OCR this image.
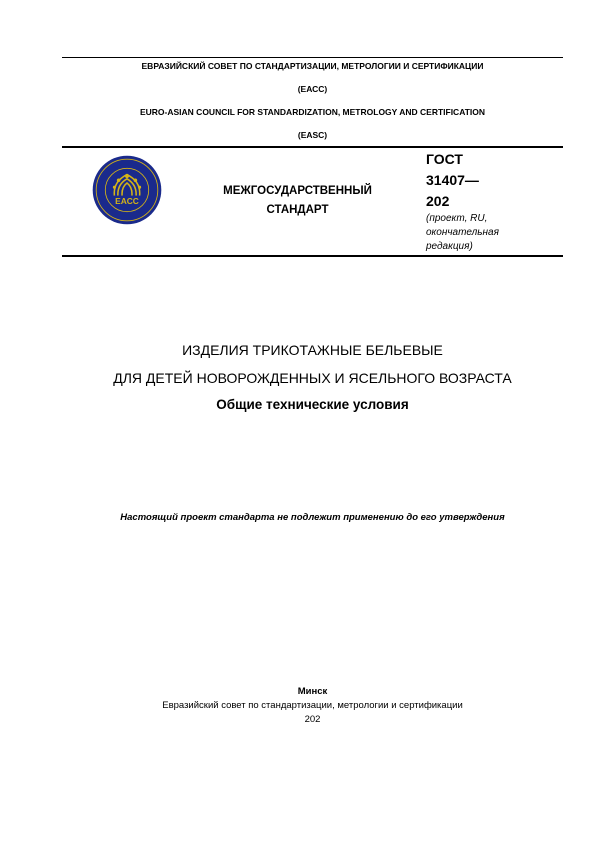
ЕВРАЗИЙСКИЙ СОВЕТ ПО СТАНДАРТИЗАЦИИ, МЕТРОЛОГИИ И СЕРТИФИКАЦИИ
(ЕАСС)
EURO-ASIAN COUNCIL FOR STANDARDIZATION, METROLOGY AND CERTIFICATION
(EASC)
EACC
МЕЖГОСУДАРСТВЕННЫЙ
СТАНДАРТ
ГОСТ
31407—
202
(проект, RU,
окончательная
редакция)
ИЗДЕЛИЯ ТРИКОТАЖНЫЕ БЕЛЬЕВЫЕ
ДЛЯ ДЕТЕЙ НОВОРОЖДЕННЫХ И ЯСЕЛЬНОГО ВОЗРАСТА
Общие технические условия
Настоящий проект стандарта не подлежит применению до его утверждения
Минск
Евразийский совет по стандартизации, метрологии и сертификации
202
